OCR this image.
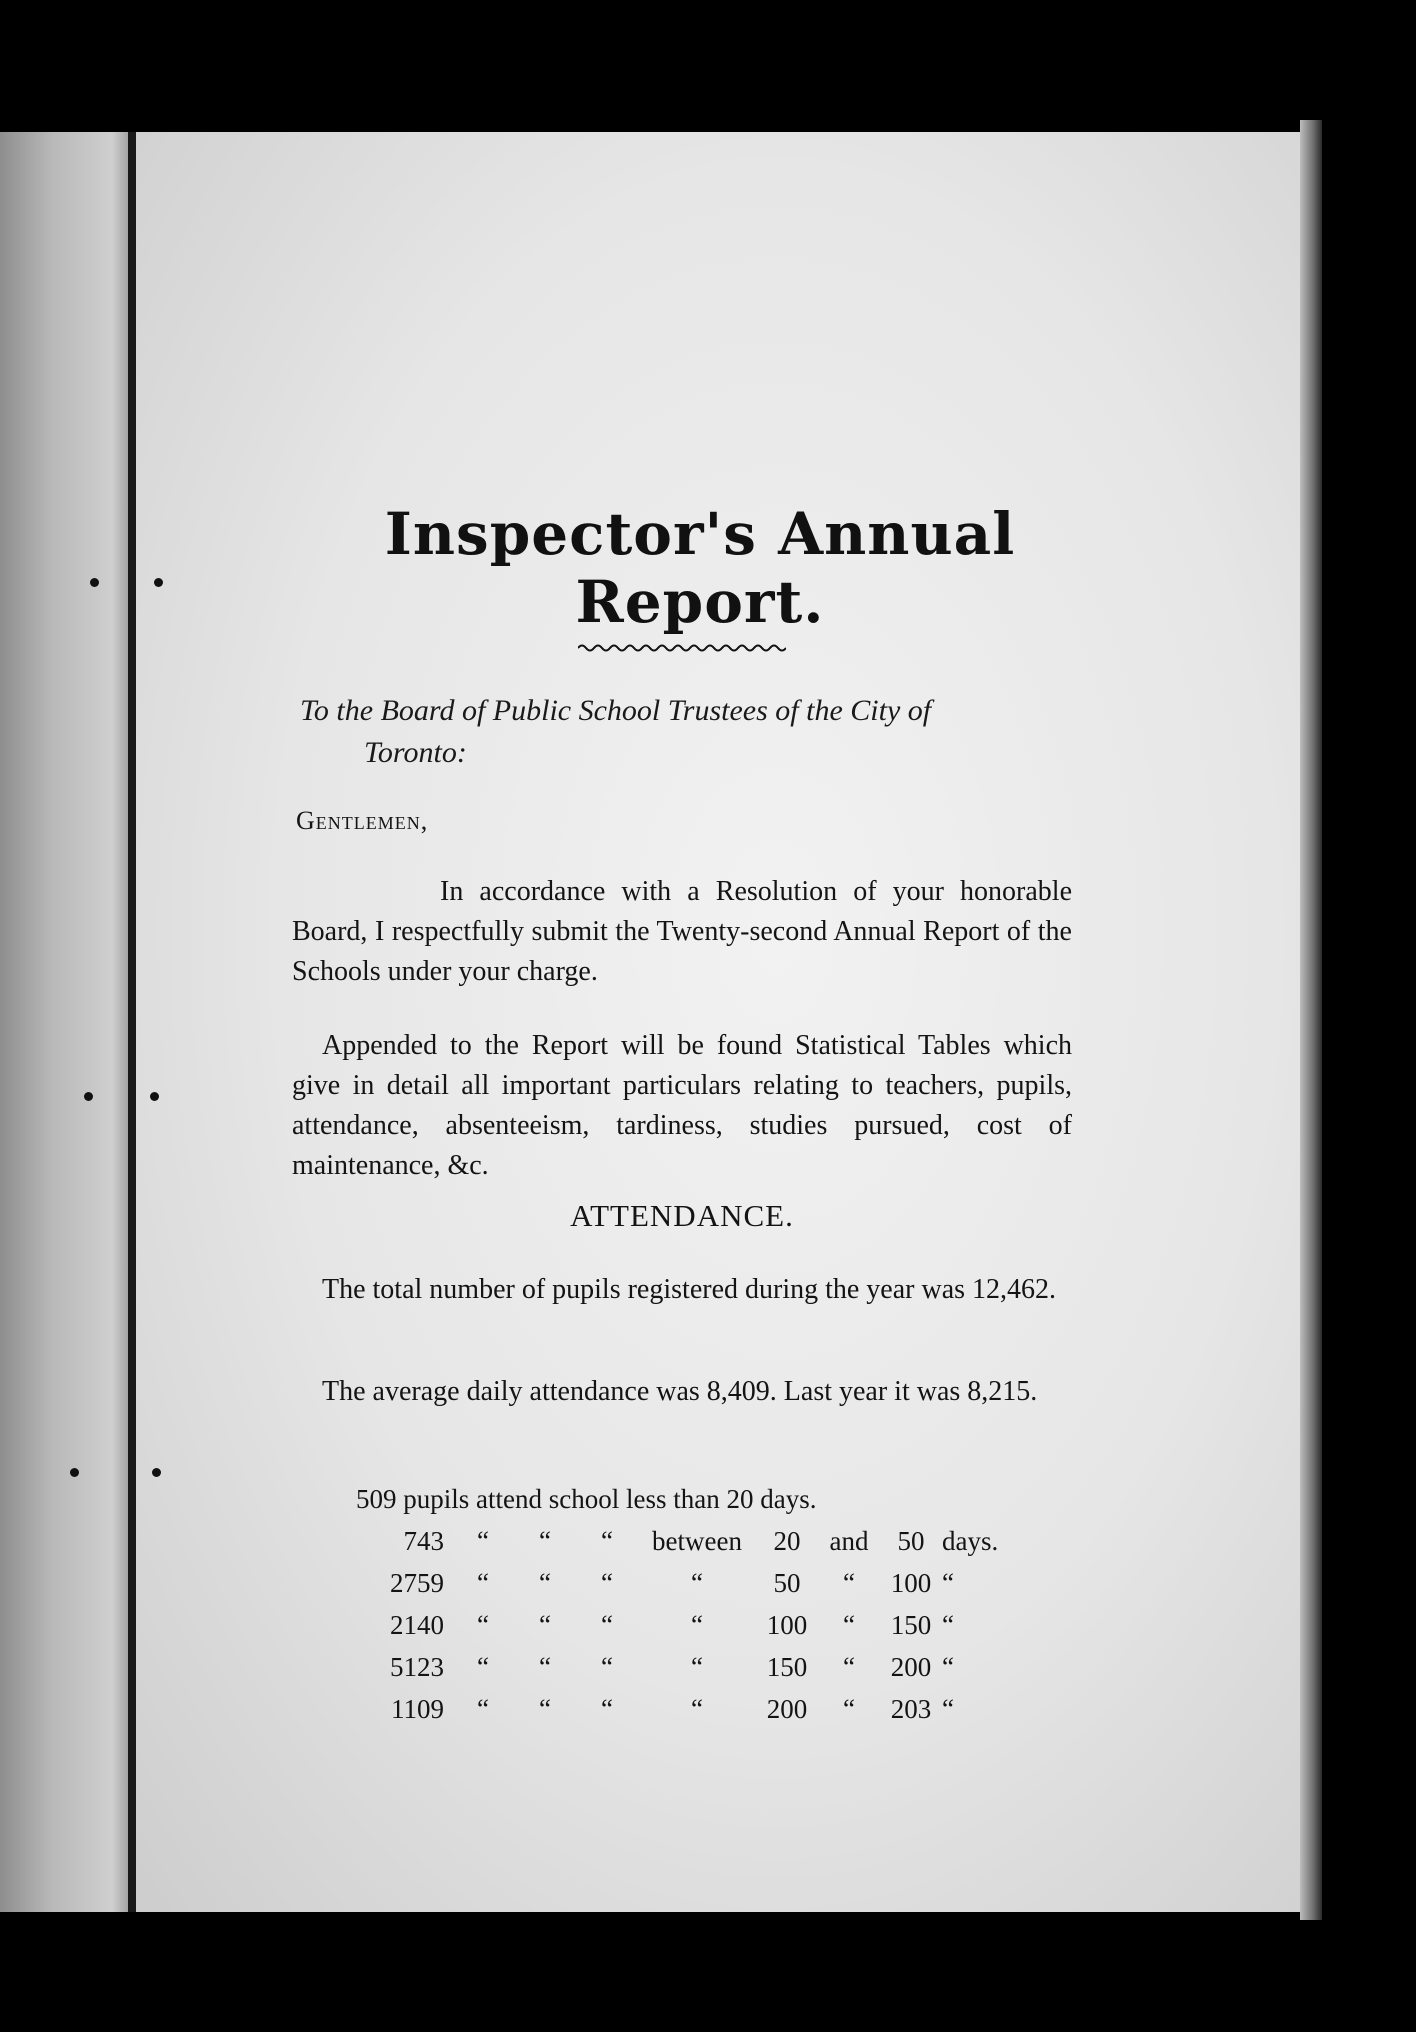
Inspector's Annual Report.
To the Board of Public School Trustees of the City of
Toronto:
Gentlemen,

In accordance with a Resolution of your honorable Board, I respectfully submit the Twenty-second Annual Report of the Schools under your charge.

Appended to the Report will be found Statistical Tables which give in detail all important particulars relating to teachers, pupils, attendance, absenteeism, tardiness, studies pursued, cost of maintenance, &c.

ATTENDANCE.

The total number of pupils registered during the year was 12,462.

The average daily attendance was 8,409. Last year it was 8,215.

509 pupils attend school less than 20 days.								
743	“	“	“	between	20	and	50	days.
2759	“	“	“	“	50	“	100	“
2140	“	“	“	“	100	“	150	“
5123	“	“	“	“	150	“	200	“
1109	“	“	“	“	200	“	203	“
